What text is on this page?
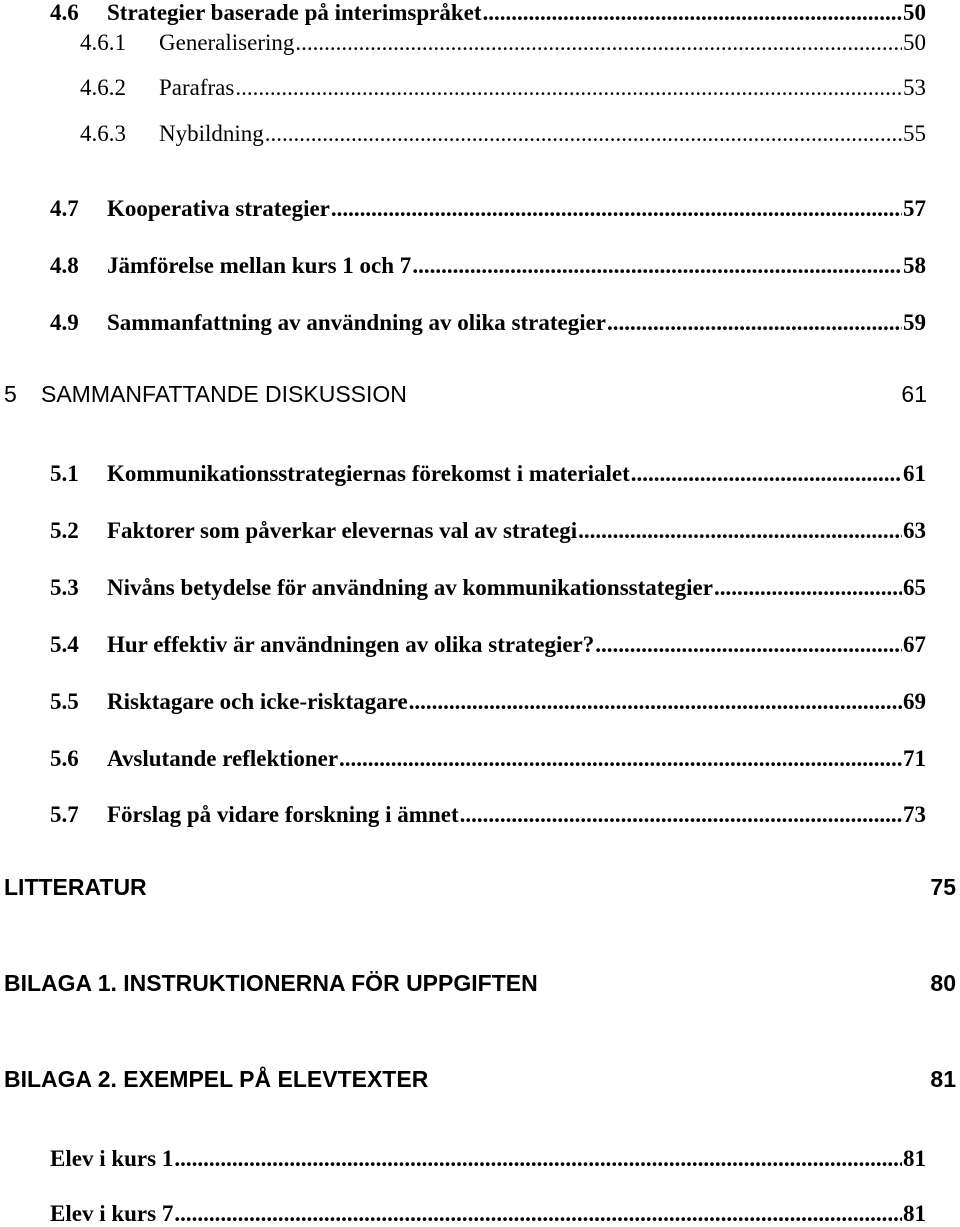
4.6	Strategier baserade på interimspråket .....	50
4.6.1	Generalisering .....	50
4.6.2	Parafras .....	53
4.6.3	Nybildning .....	55
4.7	Kooperativa strategier .....	57
4.8	Jämförelse mellan kurs 1 och 7 .....	58
4.9	Sammanfattning av användning av olika strategier .....	59
5	SAMMANFATTANDE DISKUSSION	61
5.1	Kommunikationsstrategiernas förekomst i materialet .....	61
5.2	Faktorer som påverkar elevernas val av strategi .....	63
5.3	Nivåns betydelse för användning av kommunikationsstategier .....	65
5.4	Hur effektiv är användningen av olika strategier? .....	67
5.5	Risktagare och icke-risktagare .....	69
5.6	Avslutande reflektioner .....	71
5.7	Förslag på vidare forskning i ämnet .....	73
LITTERATUR	75
BILAGA 1. INSTRUKTIONERNA FÖR UPPGIFTEN	80
BILAGA 2. EXEMPEL PÅ ELEVTEXTER	81
Elev i kurs 1 .....	81
Elev i kurs 7 .....	81
